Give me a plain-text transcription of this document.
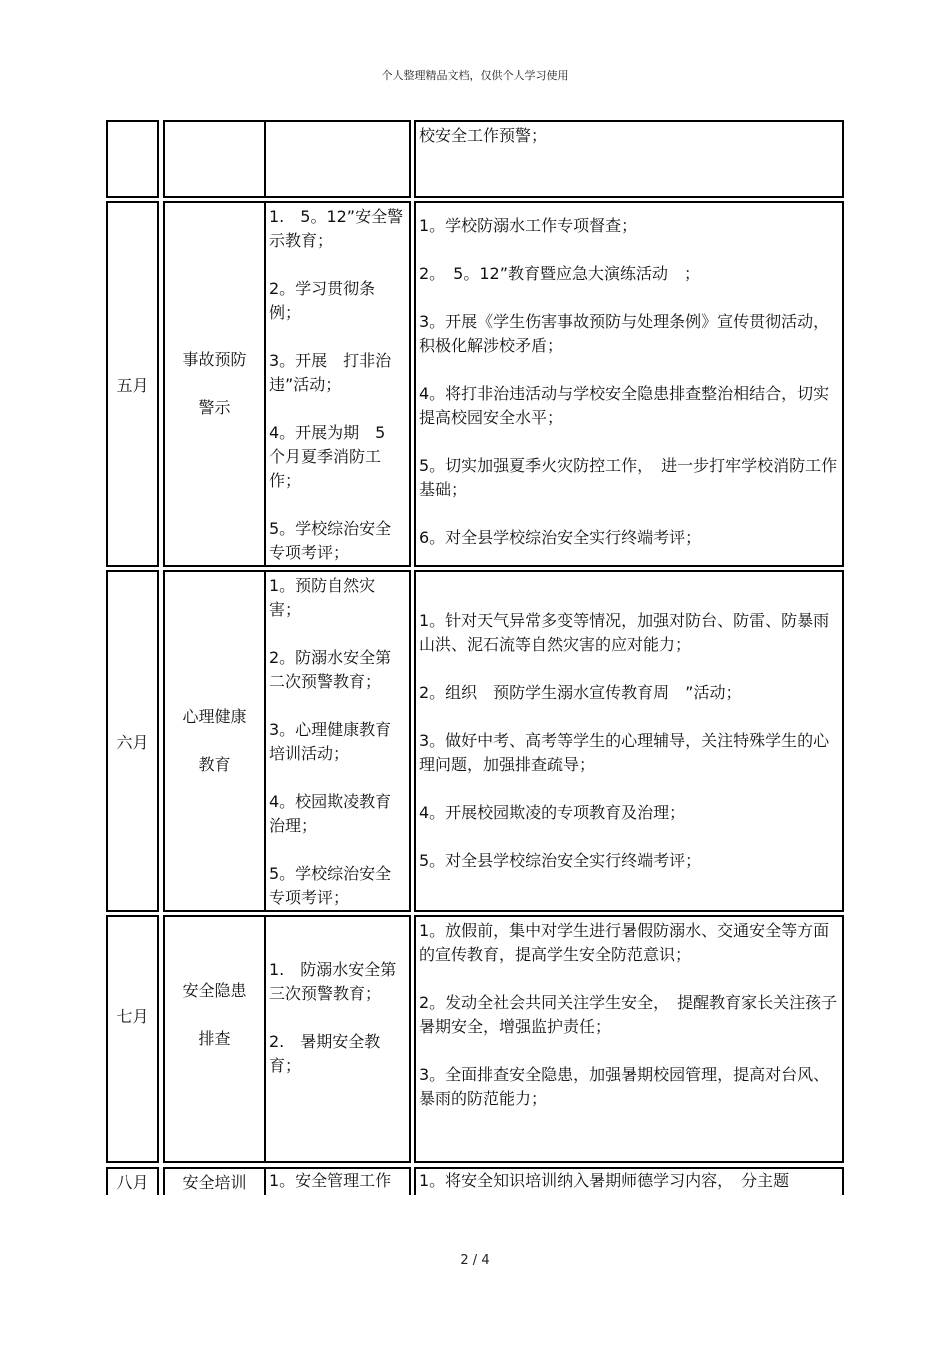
个人整理精品文档，仅供个人学习使用

校安全工作预警；

五月
事故预防
警示

1.　5。12”安全警示教育；

2。学习贯彻条例；

3。开展　打非治违”活动；

4。开展为期　5 个月夏季消防工作；

5。学校综治安全专项考评；

1。学校防溺水工作专项督查；

2。　5。12”教育暨应急大演练活动　；

3。开展《学生伤害事故预防与处理条例》宣传贯彻活动，积极化解涉校矛盾；

4。将打非治违活动与学校安全隐患排查整治相结合，切实提高校园安全水平；

5。切实加强夏季火灾防控工作，　进一步打牢学校消防工作基础；

6。对全县学校综治安全实行终端考评；

六月
心理健康
教育

1。预防自然灾害；

2。防溺水安全第二次预警教育；

3。心理健康教育培训活动；

4。校园欺凌教育治理；

5。学校综治安全专项考评；

1。针对天气异常多变等情况，加强对防台、防雷、防暴雨山洪、泥石流等自然灾害的应对能力；

2。组织　预防学生溺水宣传教育周　”活动；

3。做好中考、高考等学生的心理辅导，关注特殊学生的心理问题，加强排查疏导；

4。开展校园欺凌的专项教育及治理；

5。对全县学校综治安全实行终端考评；

七月
安全隐患
排查

1.　防溺水安全第三次预警教育；

2.　暑期安全教育；

1。放假前，集中对学生进行暑假防溺水、交通安全等方面的宣传教育，提高学生安全防范意识；

2。发动全社会共同关注学生安全，　提醒教育家长关注孩子暑期安全，增强监护责任；

3。全面排查安全隐患，加强暑期校园管理，提高对台风、暴雨的防范能力；

八月 安全培训 1。安全管理工作	1。将安全知识培训纳入暑期师德学习内容，　分主题

2 / 4
